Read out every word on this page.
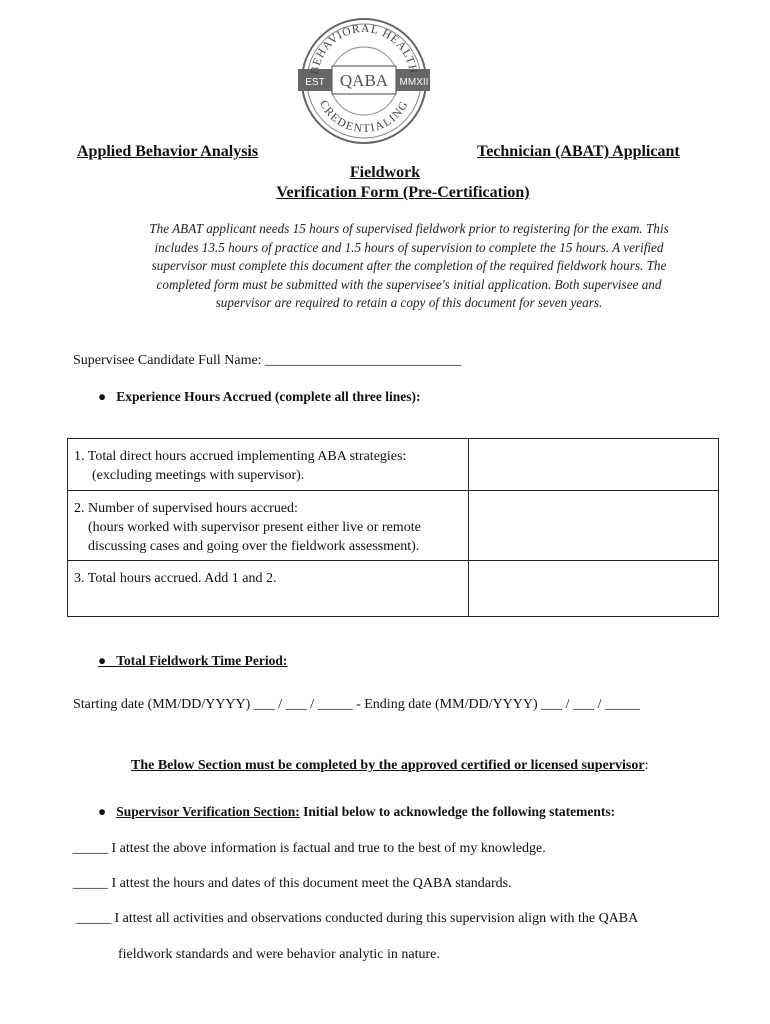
QABA
EST	MMXII
BEHAVIORAL HEALTH
CREDENTIALING
Applied Behavior Analysis	Technician (ABAT) Applicant
Fieldwork
Verification Form (Pre-Certification)
The ABAT applicant needs 15 hours of supervised fieldwork prior to registering for the exam. This includes 13.5 hours of practice and 1.5 hours of supervision to complete the 15 hours. A verified supervisor must complete this document after the completion of the required fieldwork hours. The completed form must be submitted with the supervisee's initial application. Both supervisee and supervisor are required to retain a copy of this document for seven years.
Supervisee Candidate Full Name: ____________________________
● Experience Hours Accrued (complete all three lines):
1. Total direct hours accrued implementing ABA strategies:
(excluding meetings with supervisor).	

2. Number of supervised hours accrued:
(hours worked with supervisor present either live or remote
discussing cases and going over the fieldwork assessment).	

3. Total hours accrued. Add 1 and 2.	

●   Total Fieldwork Time Period:
Starting date (MM/DD/YYYY) ___ / ___ / _____ - Ending date (MM/DD/YYYY) ___ / ___ / _____
The Below Section must be completed by the approved certified or licensed supervisor:
● Supervisor Verification Section: Initial below to acknowledge the following statements:
_____ I attest the above information is factual and true to the best of my knowledge.
_____ I attest the hours and dates of this document meet the QABA standards.
_____ I attest all activities and observations conducted during this supervision align with the QABA
fieldwork standards and were behavior analytic in nature.
